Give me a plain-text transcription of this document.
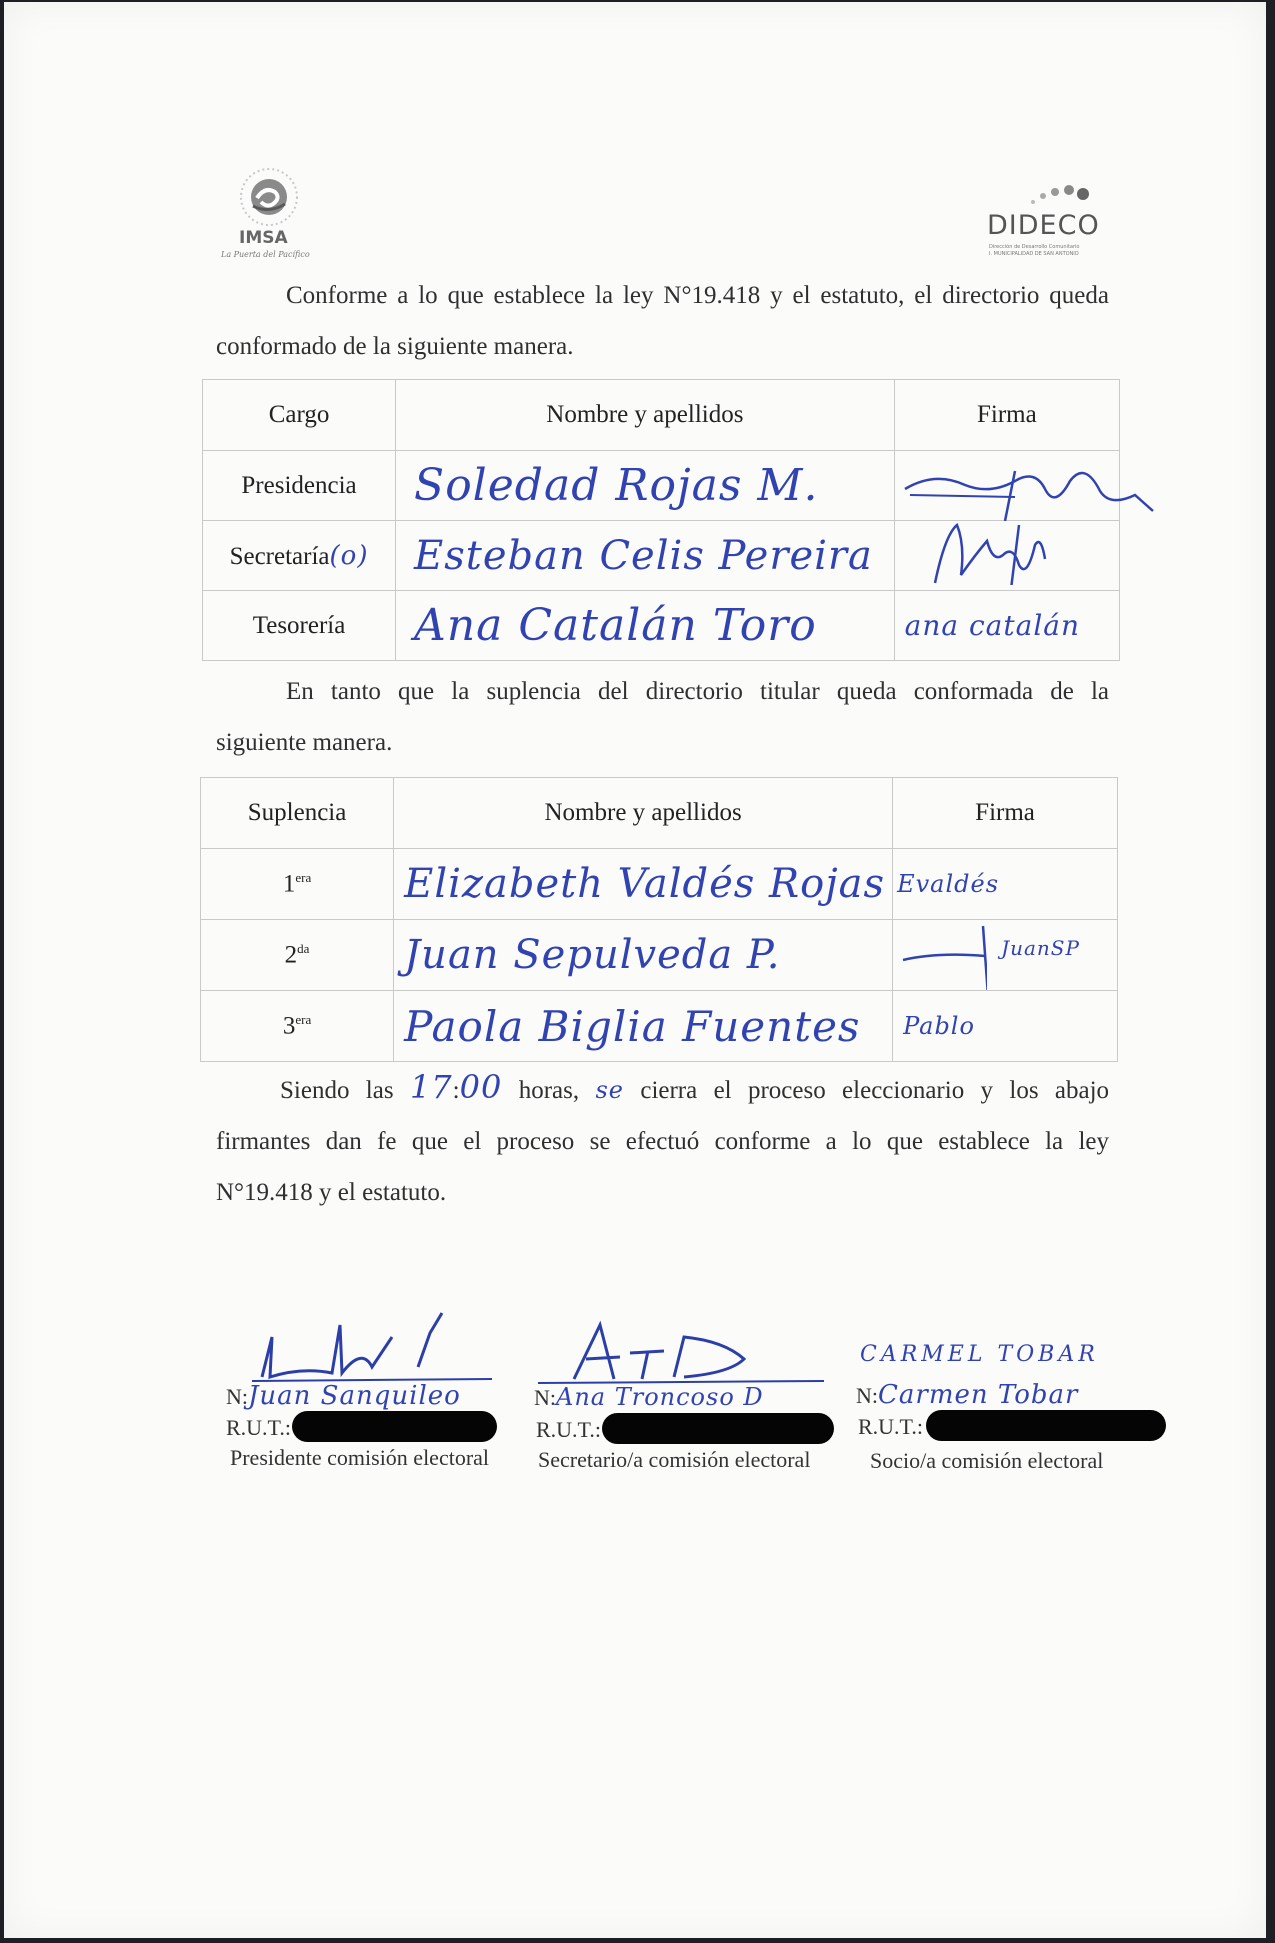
IMSA
La Puerta del Pacífico
DIDECO
Dirección de Desarrollo Comunitario
I. MUNICIPALIDAD DE SAN ANTONIO
Conforme a lo que establece la ley N°19.418 y el estatuto, el directorio queda
conformado de la siguiente manera.
Cargo	Nombre y apellidos	Firma
Presidencia	Soledad Rojas M.	

Secretaría(o)	Esteban Celis Pereira	

Tesorería	Ana Catalán Toro	ana catalán
En tanto que la suplencia del directorio titular queda conformada de la
siguiente manera.
Suplencia	Nombre y apellidos	Firma
$1^{era}$	Elizabeth Valdés Rojas	Evaldés
$2^{da}$	Juan Sepulveda P.	JuanSP

$3^{era}$	Paola Biglia Fuentes	Pablo
Siendo las 17:00 horas, se cierra el proceso eleccionario y los abajo
firmantes dan fe que el proceso se efectuó conforme a lo que establece la ley
N°19.418 y el estatuto.
N:Juan Sanquileo
R.U.T.:
Presidente comisión electoral
N:Ana Troncoso D
R.U.T.:
Secretario/a comisión electoral
CARMEL TOBAR
N:Carmen Tobar
R.U.T.:
Socio/a comisión electoral
